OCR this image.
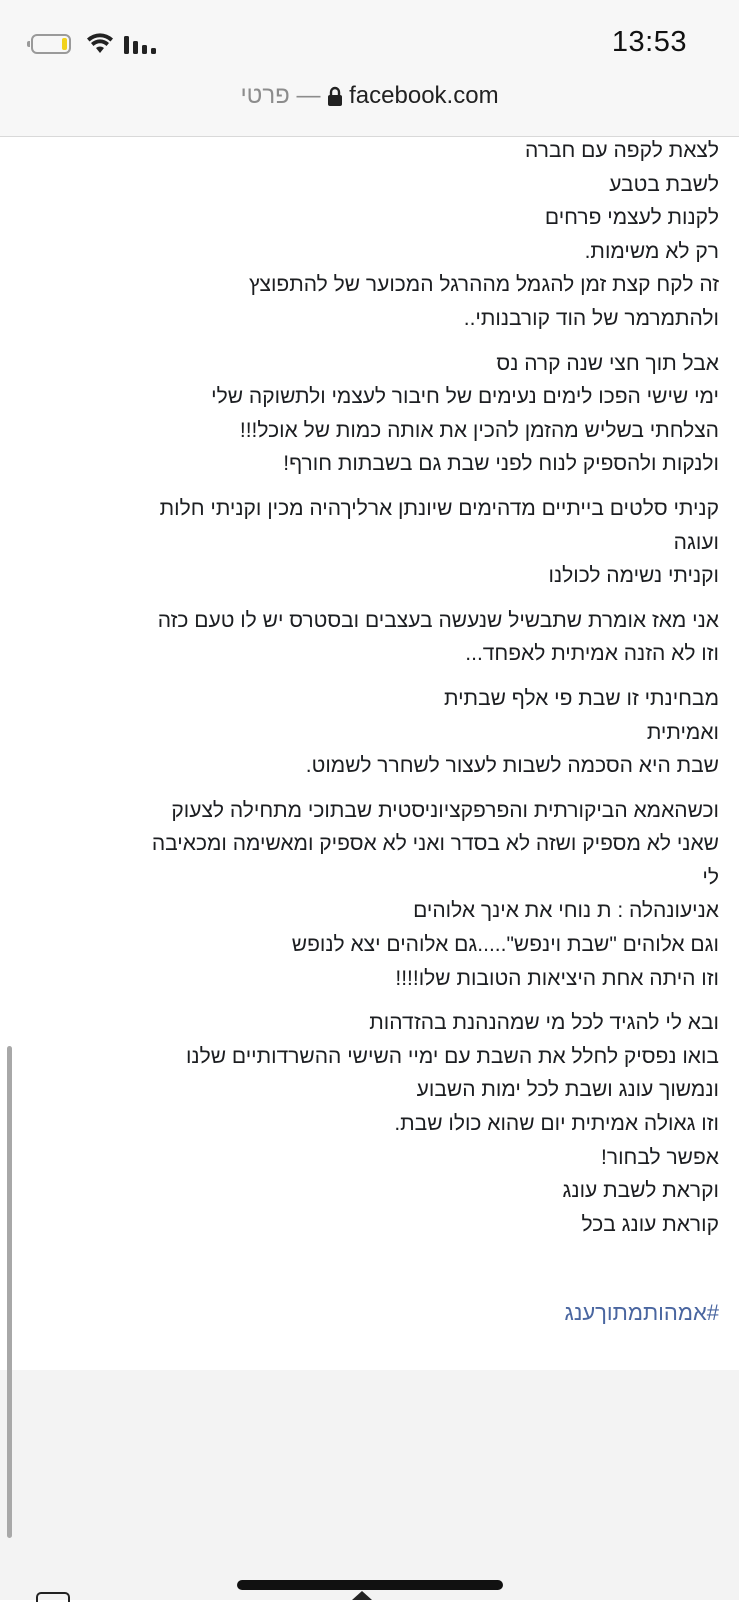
13:53
פרטי — facebook.com
לצאת לקפה עם חברה
לשבת בטבע
לקנות לעצמי פרחים
רק לא משימות.
זה לקח קצת זמן להגמל מההרגל המכוער של להתפוצץ
ולהתמרמר של הוד קורבנותי..
אבל תוך חצי שנה קרה נס
ימי שישי הפכו לימים נעימים של חיבור לעצמי ולתשוקה שלי
הצלחתי בשליש מהזמן להכין את אותה כמות של אוכל!!!
ולנקות ולהספיק לנוח לפני שבת גם בשבתות חורף!
קניתי סלטים בייתיים מדהימים שיונתן ארליךהיה מכין וקניתי חלות
ועוגה
וקניתי נשימה לכולנו
אני מאז אומרת שתבשיל שנעשה בעצבים ובסטרס יש לו טעם כזה
וזו לא הזנה אמיתית לאפחד...
מבחינתי זו שבת פי אלף שבתית
ואמיתית
שבת היא הסכמה לשבות לעצור לשחרר לשמוט.
וכשהאמא הביקורתית והפרפקציוניסטית שבתוכי מתחילה לצעוק
שאני לא מספיק ושזה לא בסדר ואני לא אספיק ומאשימה ומכאיבה
לי
אניעונהלה : ת נוחי את אינך אלוהים
וגם אלוהים "שבת וינפש".....גם אלוהים יצא לנופש
וזו היתה אחת היציאות הטובות שלו!!!!
ובא לי להגיד לכל מי שמהנהנת בהזדהות
בואו נפסיק לחלל את השבת עם ימיי השישי ההשרדותיים שלנו
ונמשוך עונג ושבת לכל ימות השבוע
וזו גאולה אמיתית יום שהוא כולו שבת.
אפשר לבחור!
וקראת לשבת עונג
קוראת עונג בכל
#אמהותמתוךענג
